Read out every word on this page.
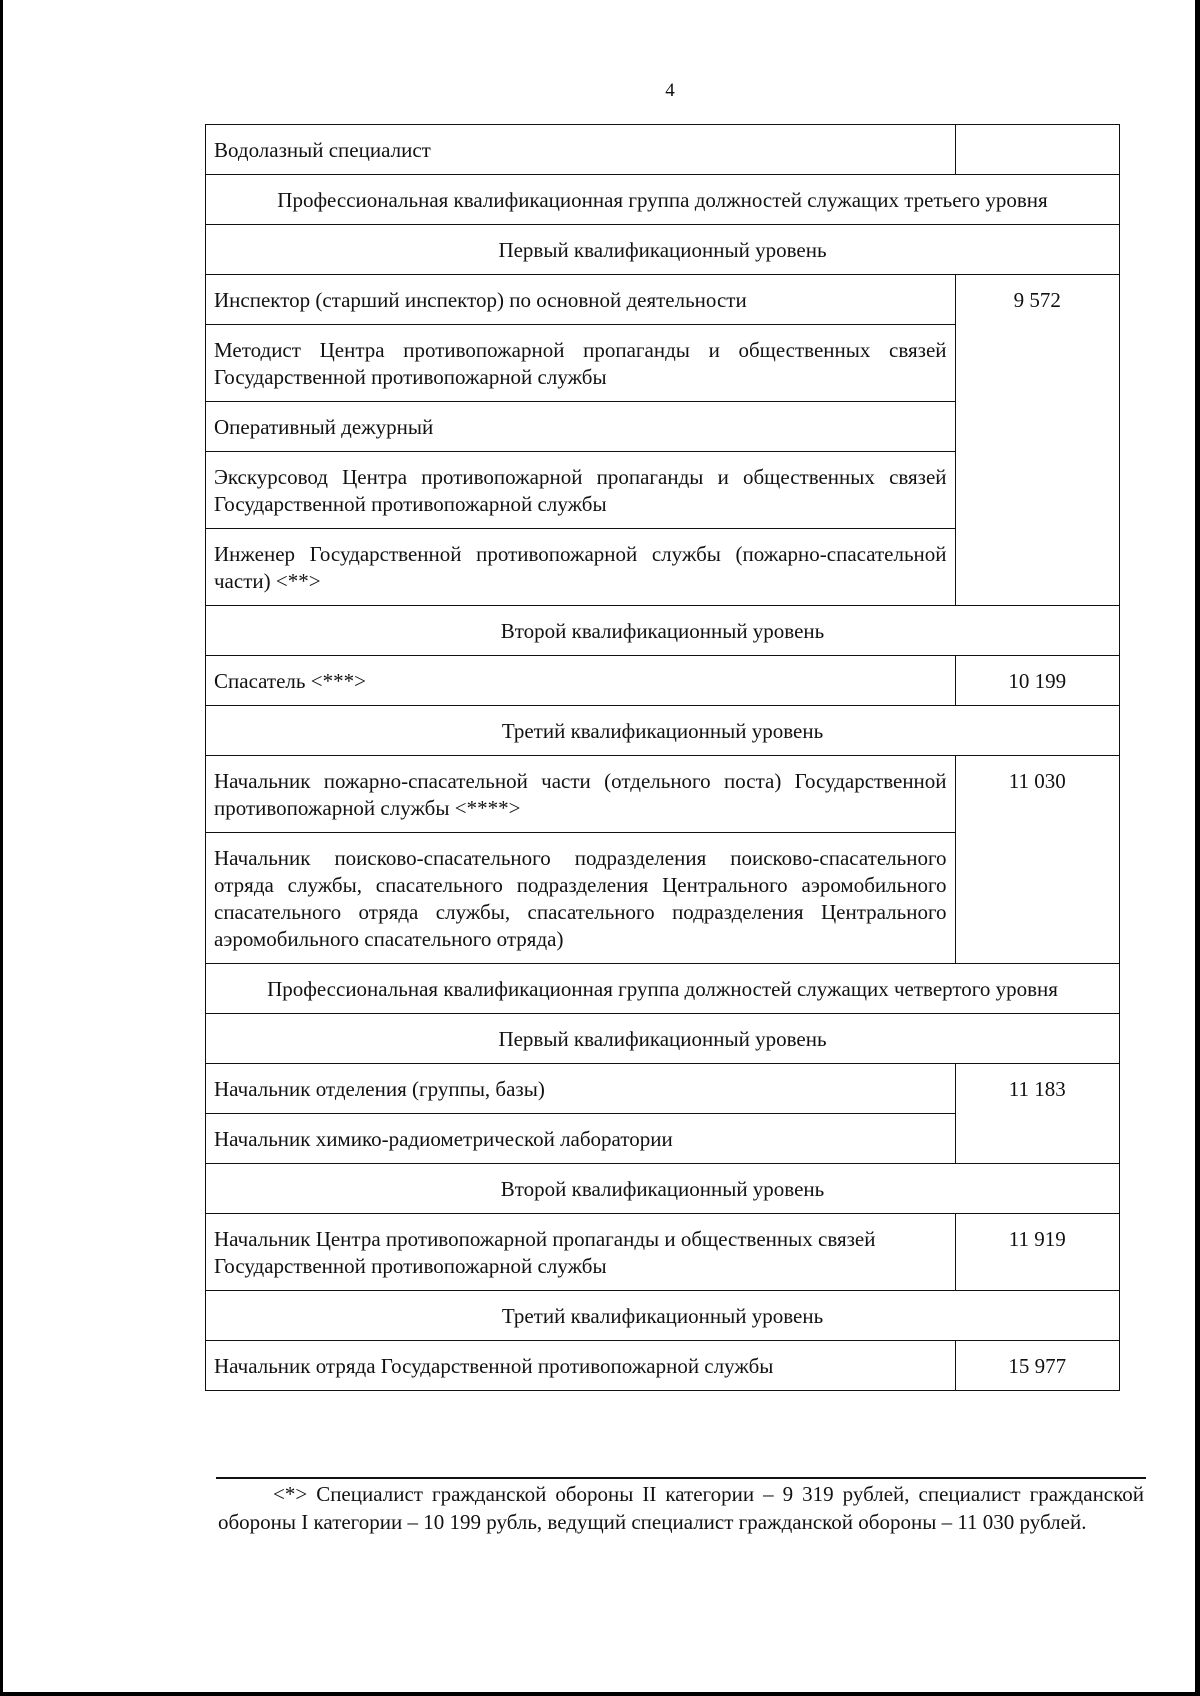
4
Водолазный специалист	
Профессиональная квалификационная группа должностей служащих третьего уровня	
Первый квалификационный уровень	
Инспектор (старший инспектор) по основной деятельности	9 572
Методист Центра противопожарной пропаганды и общественных связей Государственной противопожарной службы	
Оперативный дежурный	
Экскурсовод Центра противопожарной пропаганды и общественных связей Государственной противопожарной службы	
Инженер Государственной противопожарной службы (пожарно-спасательной части) <**>	
Второй квалификационный уровень	
Спасатель <***>	10 199
Третий квалификационный уровень	
Начальник пожарно-спасательной части (отдельного поста) Государственной противопожарной службы <****>	11 030
Начальник поисково-спасательного подразделения поисково-спасательного отряда службы, спасательного подразделения Центрального аэромобильного спасательного отряда службы, спасательного подразделения Центрального аэромобильного спасательного отряда)	
Профессиональная квалификационная группа должностей служащих четвертого уровня	
Первый квалификационный уровень	
Начальник отделения (группы, базы)	11 183
Начальник химико-радиометрической лаборатории	
Второй квалификационный уровень	
Начальник Центра противопожарной пропаганды и общественных связей Государственной противопожарной службы	11 919
Третий квалификационный уровень	
Начальник отряда Государственной противопожарной службы	15 977
<*> Специалист гражданской обороны II категории – 9 319 рублей, специалист гражданской обороны I категории – 10 199 рубль, ведущий специалист гражданской обороны – 11 030 рублей.
